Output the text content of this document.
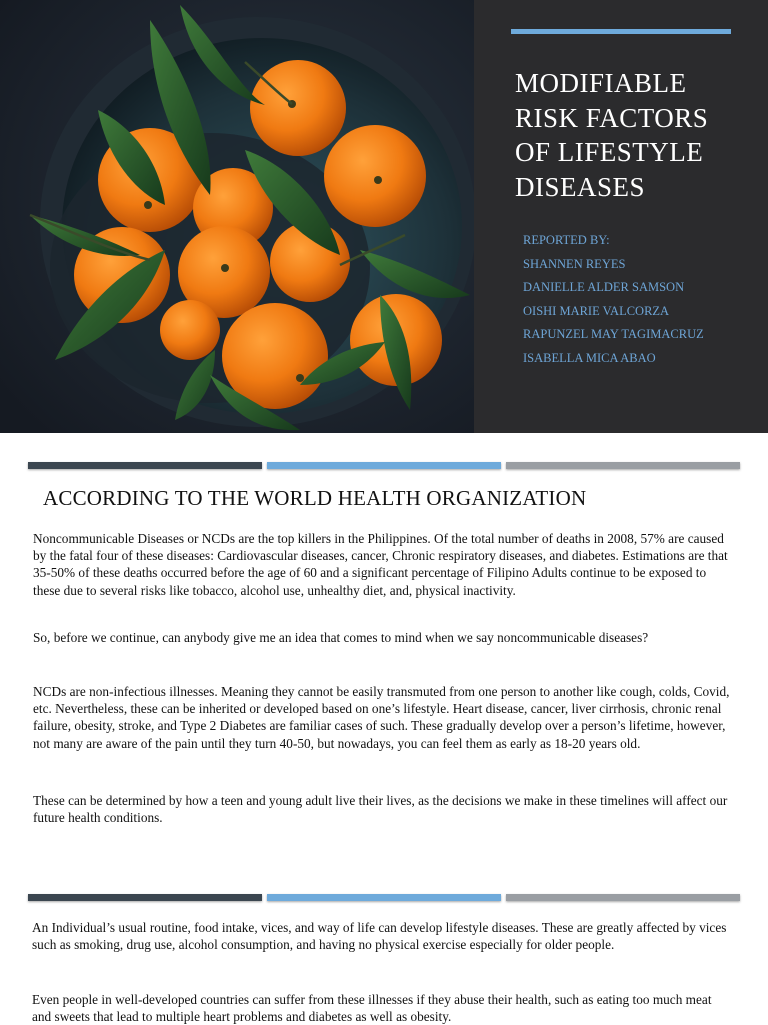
MODIFIABLE
RISK FACTORS
OF LIFESTYLE
DISEASES
REPORTED BY:
SHANNEN REYES
DANIELLE ALDER SAMSON
OISHI MARIE VALCORZA
RAPUNZEL MAY TAGIMACRUZ
ISABELLA MICA ABAO
ACCORDING TO THE WORLD HEALTH ORGANIZATION

Noncommunicable Diseases or NCDs are the top killers in the Philippines. Of the total number of deaths in 2008, 57% are caused by the fatal four of these diseases: Cardiovascular diseases, cancer, Chronic respiratory diseases, and diabetes. Estimations are that 35-50% of these deaths occurred before the age of 60 and a significant percentage of Filipino Adults continue to be exposed to these due to several risks like tobacco, alcohol use, unhealthy diet, and, physical inactivity.

So, before we continue, can anybody give me an idea that comes to mind when we say noncommunicable diseases?

NCDs are non-infectious illnesses. Meaning they cannot be easily transmuted from one person to another like cough, colds, Covid, etc. Nevertheless, these can be inherited or developed based on one’s lifestyle. Heart disease, cancer, liver cirrhosis, chronic renal failure, obesity, stroke, and Type 2 Diabetes are familiar cases of such. These gradually develop over a person’s lifetime, however, not many are aware of the pain until they turn 40-50, but nowadays, you can feel them as early as 18-20 years old.

These can be determined by how a teen and young adult live their lives, as the decisions we make in these timelines will affect our future health conditions.

An Individual’s usual routine, food intake, vices, and way of life can develop lifestyle diseases. These are greatly affected by vices such as smoking, drug use, alcohol consumption, and having no physical exercise especially for older people.

Even people in well-developed countries can suffer from these illnesses if they abuse their health, such as eating too much meat and sweets that lead to multiple heart problems and diabetes as well as obesity.
